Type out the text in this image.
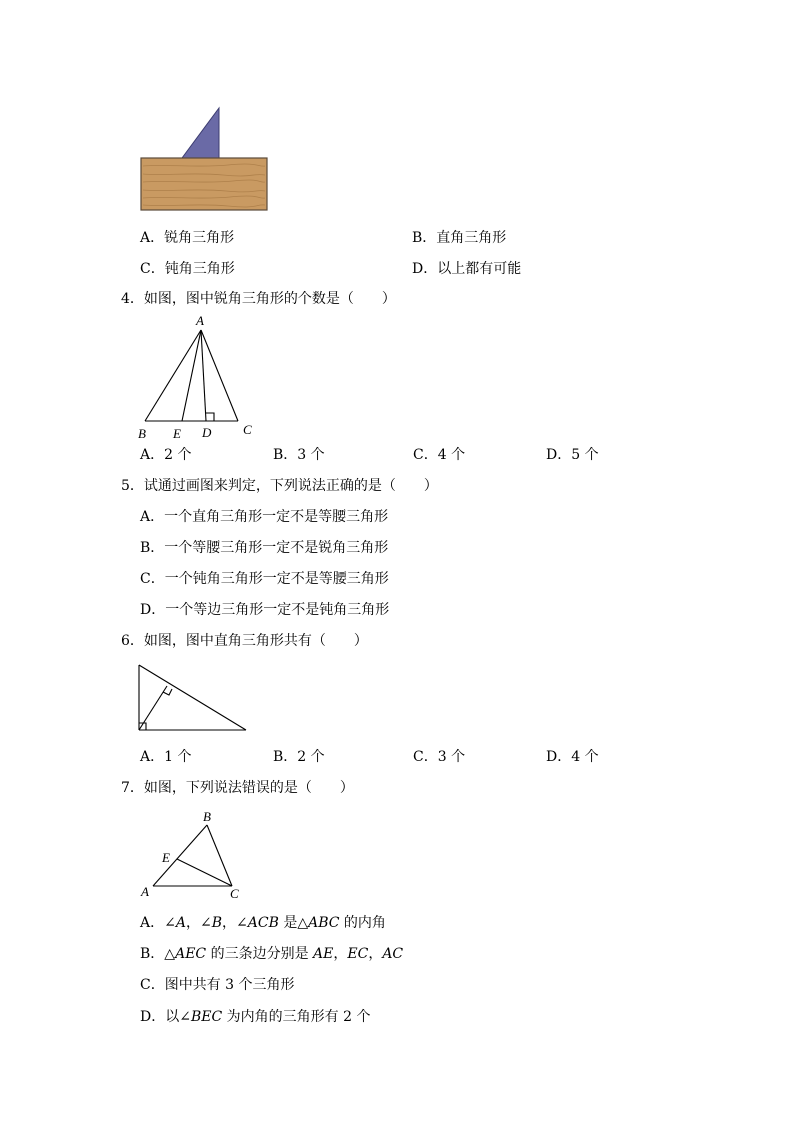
A．锐角三角形	B．直角三角形
C．钝角三角形	D．以上都有可能
4．如图，图中锐角三角形的个数是（　　）
A
B E D C
A．2 个	B．3 个	C．4 个	D．5 个
5．试通过画图来判定，下列说法正确的是（　　）
A．一个直角三角形一定不是等腰三角形
B．一个等腰三角形一定不是锐角三角形
C．一个钝角三角形一定不是等腰三角形
D．一个等边三角形一定不是钝角三角形
6．如图，图中直角三角形共有（　　）
A．1 个	B．2 个	C．3 个	D．4 个
7．如图，下列说法错误的是（　　）
B
E
A	C
A．∠A，∠B，∠ACB 是△ABC 的内角
B．△AEC 的三条边分别是 AE，EC，AC
C．图中共有 3 个三角形
D．以∠BEC 为内角的三角形有 2 个
